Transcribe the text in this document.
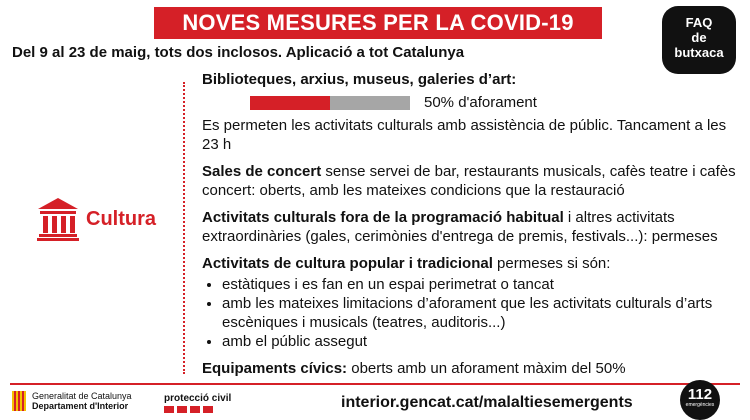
NOVES MESURES PER LA COVID-19	FAQ
de
butxaca
Del 9 al 23 de maig, tots dos inclosos. Aplicació a tot Catalunya
Cultura
Biblioteques, arxius, museus, galeries d’art:
50% d'aforament
Es permeten les activitats culturals amb assistència de públic. Tancament a les 23 h
Sales de concert sense servei de bar, restaurants musicals, cafès teatre i cafès concert: oberts, amb les mateixes condicions que la restauració
Activitats culturals fora de la programació habitual i altres activitats extraordinàries (gales, cerimònies d'entrega de premis, festivals...): permeses
Activitats de cultura popular i tradicional permeses si són:
• estàtiques i es fan en un espai perimetrat o tancat
• amb les mateixes limitacions d’aforament que les activitats culturals d’arts escèniques i musicals (teatres, auditoris...)
• amb el públic assegut
Equipaments cívics: oberts amb un aforament màxim del 50%
Generalitat de Catalunya
Departament d'Interior
protecció civil	interior.gencat.cat/malaltiesemergents	112
emergències
